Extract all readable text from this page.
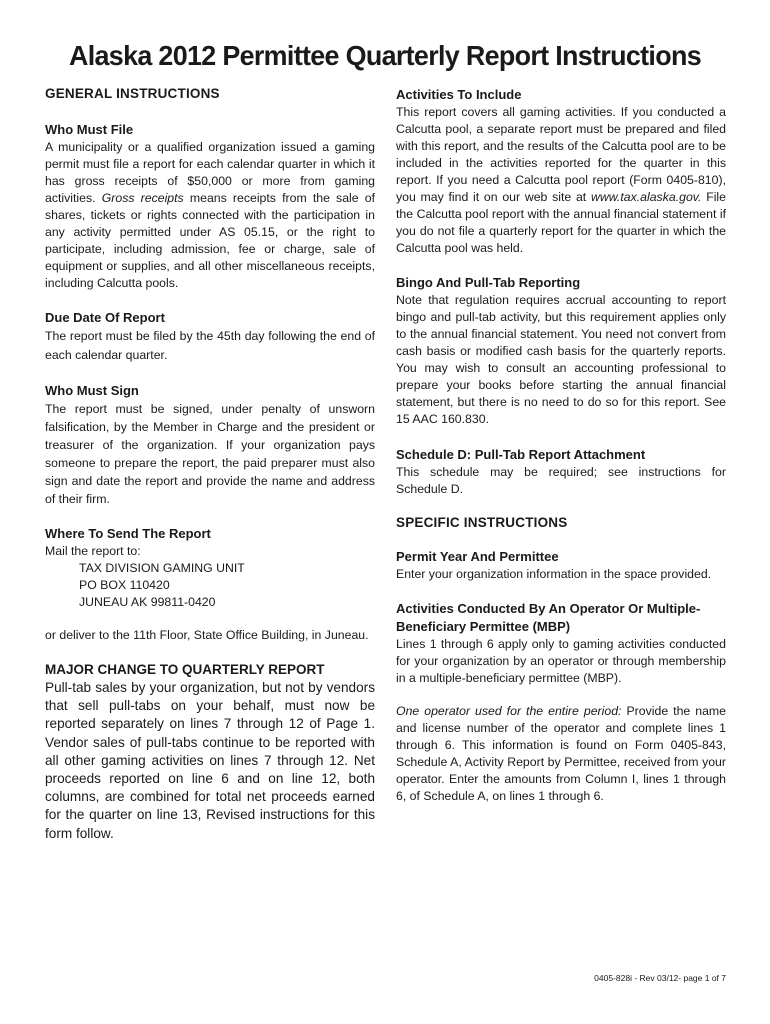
Alaska 2012 Permittee Quarterly Report Instructions
GENERAL INSTRUCTIONS
Who Must File

A municipality or a qualified organization issued a gaming permit must file a report for each calendar quarter in which it has gross receipts of $50,000 or more from gaming activities. Gross receipts means receipts from the sale of shares, tickets or rights connected with the participation in any activity permitted under AS 05.15, or the right to participate, including admission, fee or charge, sale of equipment or supplies, and all other miscellaneous receipts, including Calcutta pools.

Due Date Of Report

The report must be filed by the 45th day following the end of each calendar quarter.

Who Must Sign

The report must be signed, under penalty of unsworn falsification, by the Member in Charge and the president or treasurer of the organization. If your organization pays someone to prepare the report, the paid preparer must also sign and date the report and provide the name and address of their firm.

Where To Send The Report

Mail the report to:

TAX DIVISION GAMING UNIT
PO BOX 110420
JUNEAU AK 99811-0420

or deliver to the 11th Floor, State Office Building, in Juneau.

MAJOR CHANGE TO QUARTERLY REPORT

Pull-tab sales by your organization, but not by vendors that sell pull-tabs on your behalf, must now be reported separately on lines 7 through 12 of Page 1. Vendor sales of pull-tabs continue to be reported with all other gaming activities on lines 7 through 12. Net proceeds reported on line 6 and on line 12, both columns, are combined for total net proceeds earned for the quarter on line 13, Revised instructions for this form follow.

Activities To Include

This report covers all gaming activities. If you conducted a Calcutta pool, a separate report must be prepared and filed with this report, and the results of the Calcutta pool are to be included in the activities reported for the quarter in this report. If you need a Calcutta pool report (Form 0405-810), you may find it on our web site at www.tax.alaska.gov. File the Calcutta pool report with the annual financial statement if you do not file a quarterly report for the quarter in which the Calcutta pool was held.

Bingo And Pull-Tab Reporting

Note that regulation requires accrual accounting to report bingo and pull-tab activity, but this requirement applies only to the annual financial statement. You need not convert from cash basis or modified cash basis for the quarterly reports. You may wish to consult an accounting professional to prepare your books before starting the annual financial statement, but there is no need to do so for this report. See 15 AAC 160.830.

Schedule D: Pull-Tab Report Attachment

This schedule may be required; see instructions for Schedule D.

SPECIFIC INSTRUCTIONS
Permit Year And Permittee

Enter your organization information in the space provided.

Activities Conducted By An Operator Or Multiple-Beneficiary Permittee (MBP)

Lines 1 through 6 apply only to gaming activities conducted for your organization by an operator or through membership in a multiple-beneficiary permittee (MBP).

One operator used for the entire period: Provide the name and license number of the operator and complete lines 1 through 6. This information is found on Form 0405-843, Schedule A, Activity Report by Permittee, received from your operator. Enter the amounts from Column I, lines 1 through 6, of Schedule A, on lines 1 through 6.

0405-828i - Rev 03/12- page 1 of 7
